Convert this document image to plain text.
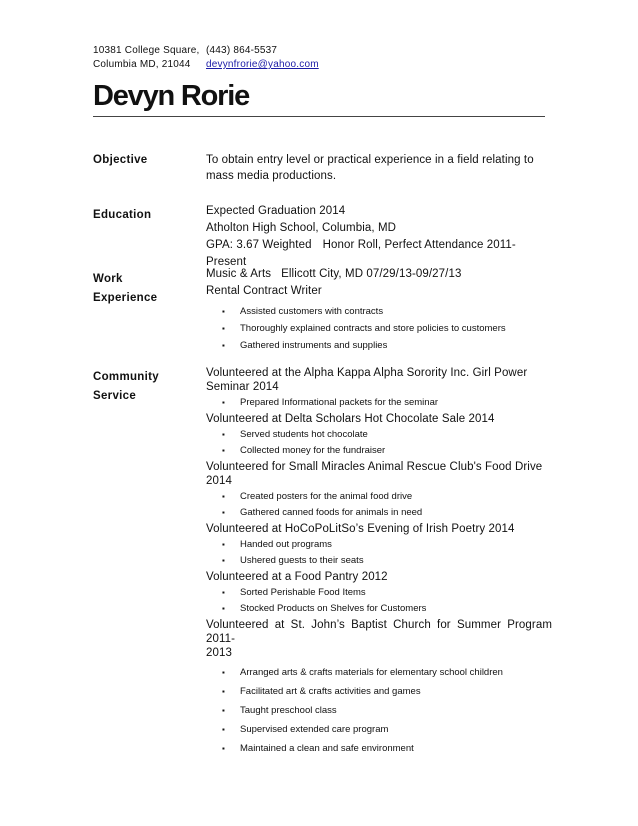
10381 College Square,
Columbia MD, 21044
(443) 864-5537
devynfrorie@yahoo.com
Devyn Rorie
Objective	To obtain entry level or practical experience in a field relating to
mass media productions.
Education	Expected Graduation 2014
Atholton High School, Columbia, MD
GPA: 3.67 Weighted Honor Roll, Perfect Attendance 2011-Present
Work
Experience
Music & Arts Ellicott City, MD 07/29/13-09/27/13
Rental Contract Writer
▪ Assisted customers with contracts
▪ Thoroughly explained contracts and store policies to customers
▪ Gathered instruments and supplies
Community
Service
Volunteered at the Alpha Kappa Alpha Sorority Inc. Girl Power
Seminar 2014
▪ Prepared Informational packets for the seminar
Volunteered at Delta Scholars Hot Chocolate Sale 2014
▪ Served students hot chocolate
▪ Collected money for the fundraiser
Volunteered for Small Miracles Animal Rescue Club's Food Drive
2014
▪ Created posters for the animal food drive
▪ Gathered canned foods for animals in need
Volunteered at HoCoPoLitSo’s Evening of Irish Poetry 2014
▪ Handed out programs
▪ Ushered guests to their seats
Volunteered at a Food Pantry 2012
▪ Sorted Perishable Food Items
▪ Stocked Products on Shelves for Customers
Volunteered at St. John’s Baptist Church for Summer Program 2011-
2013
▪ Arranged arts & crafts materials for elementary school children
▪ Facilitated art & crafts activities and games
▪ Taught preschool class
▪ Supervised extended care program
▪ Maintained a clean and safe environment
